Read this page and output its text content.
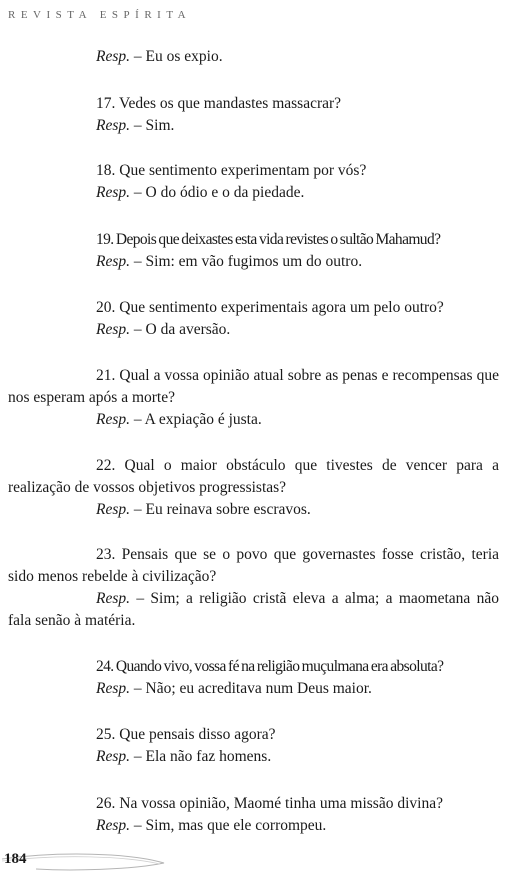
REVISTA ESPÍRITA
Resp. – Eu os expio.
17. Vedes os que mandastes massacrar?
Resp. – Sim.
18. Que sentimento experimentam por vós?
Resp. – O do ódio e o da piedade.
19. Depois que deixastes esta vida revistes o sultão Mahamud?
Resp. – Sim: em vão fugimos um do outro.
20. Que sentimento experimentais agora um pelo outro?
Resp. – O da aversão.
21. Qual a vossa opinião atual sobre as penas e recompensas que nos esperam após a morte?
Resp. – A expiação é justa.
22. Qual o maior obstáculo que tivestes de vencer para a realização de vossos objetivos progressistas?
Resp. – Eu reinava sobre escravos.
23. Pensais que se o povo que governastes fosse cristão, teria sido menos rebelde à civilização?
Resp. – Sim; a religião cristã eleva a alma; a maometana não fala senão à matéria.
24. Quando vivo, vossa fé na religião muçulmana era absoluta?
Resp. – Não; eu acreditava num Deus maior.
25. Que pensais disso agora?
Resp. – Ela não faz homens.
26. Na vossa opinião, Maomé tinha uma missão divina?
Resp. – Sim, mas que ele corrompeu.
184
